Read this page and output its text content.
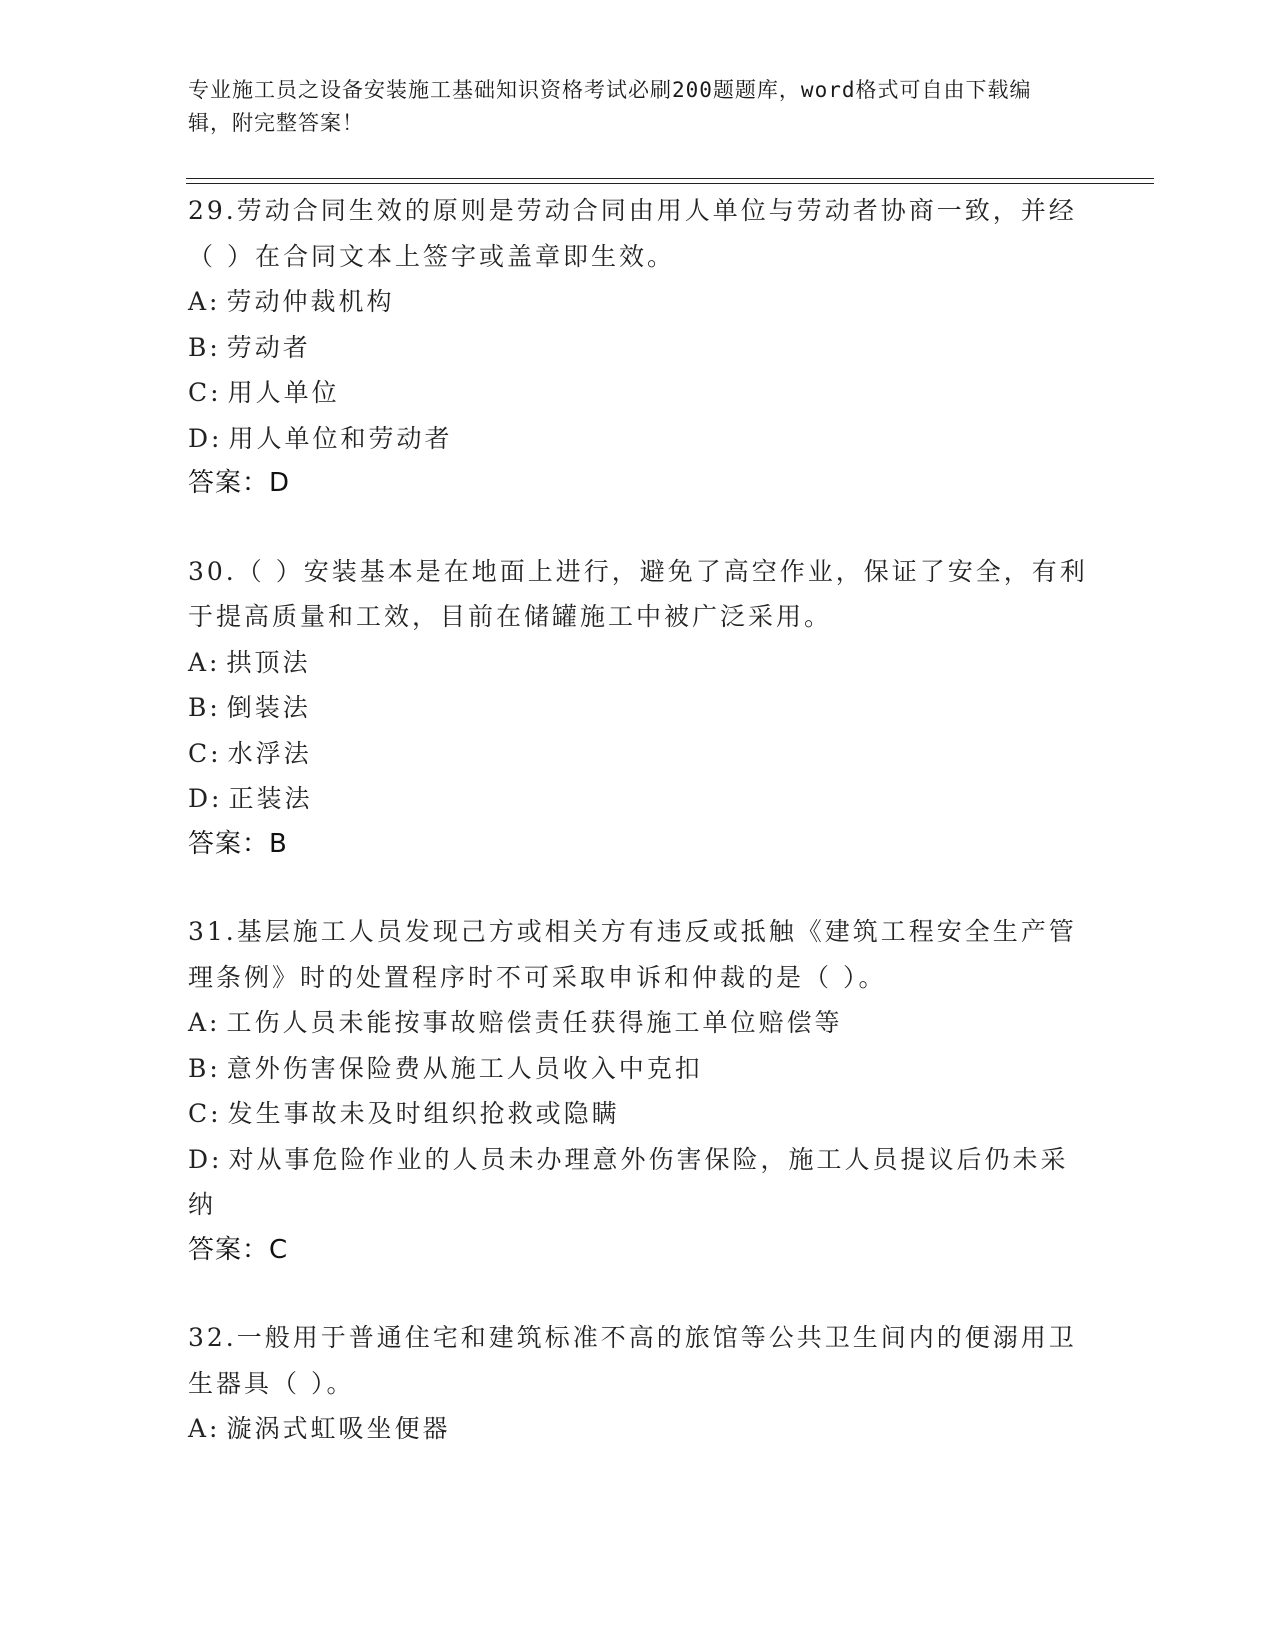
专业施工员之设备安装施工基础知识资格考试必刷200题题库，word格式可自由下载编辑，附完整答案！
29.劳动合同生效的原则是劳动合同由用人单位与劳动者协商一致，并经（ ）在合同文本上签字或盖章即生效。
A: 劳动仲裁机构
B: 劳动者
C: 用人单位
D: 用人单位和劳动者
答案：D
30.（ ）安装基本是在地面上进行，避免了高空作业，保证了安全，有利于提高质量和工效，目前在储罐施工中被广泛采用。
A: 拱顶法
B: 倒装法
C: 水浮法
D: 正装法
答案：B
31.基层施工人员发现己方或相关方有违反或抵触《建筑工程安全生产管理条例》时的处置程序时不可采取申诉和仲裁的是（ ）。
A: 工伤人员未能按事故赔偿责任获得施工单位赔偿等
B: 意外伤害保险费从施工人员收入中克扣
C: 发生事故未及时组织抢救或隐瞒
D: 对从事危险作业的人员未办理意外伤害保险，施工人员提议后仍未采纳
答案：C
32.一般用于普通住宅和建筑标准不高的旅馆等公共卫生间内的便溺用卫生器具（ ）。
A: 漩涡式虹吸坐便器
